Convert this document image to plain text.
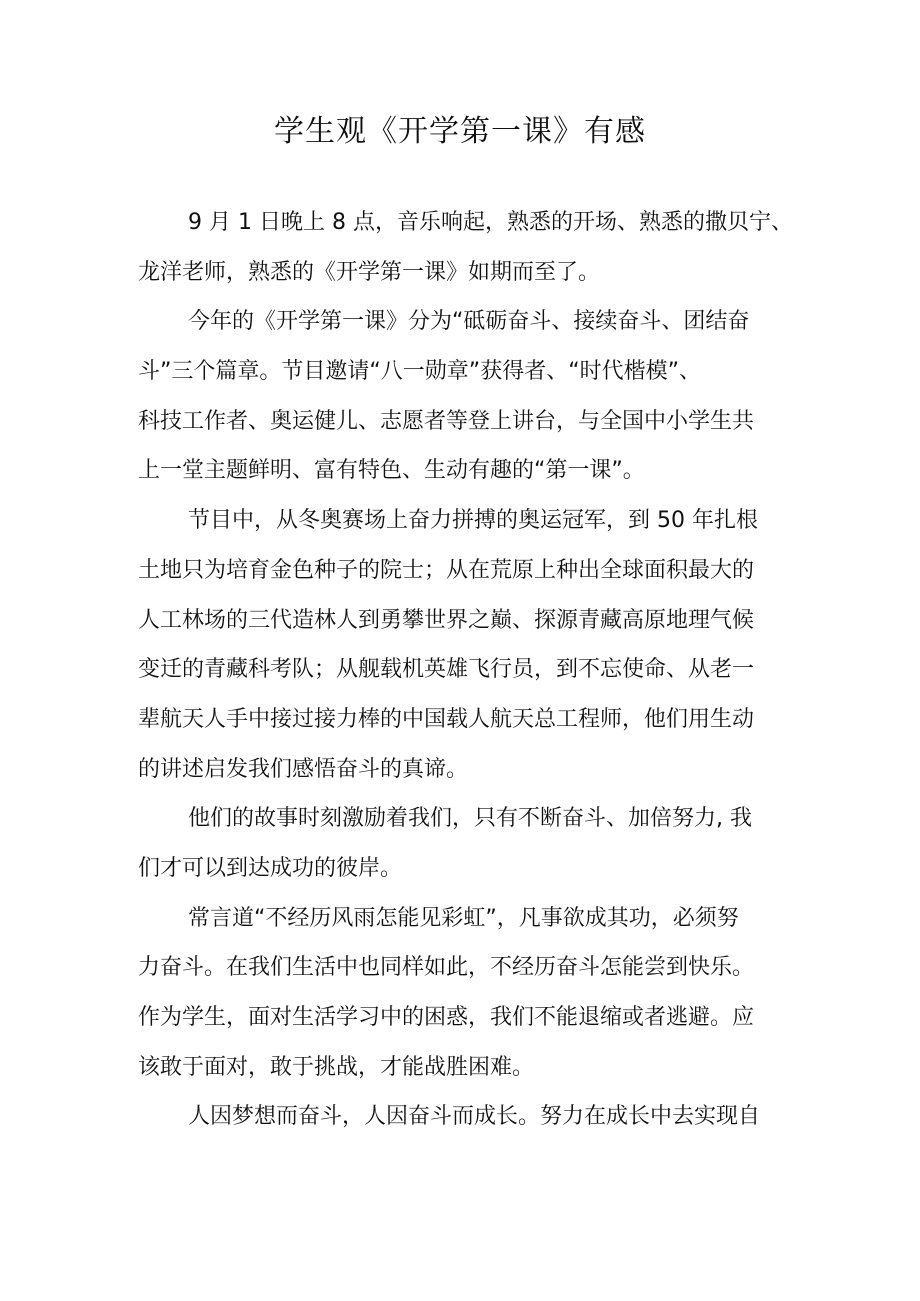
学生观《开学第一课》有感
9 月 1 日晚上 8 点，音乐响起，熟悉的开场、熟悉的撒贝宁、
龙洋老师，熟悉的《开学第一课》如期而至了。
今年的《开学第一课》分为“砥砺奋斗、接续奋斗、团结奋
斗”三个篇章。节目邀请“八一勋章”获得者、“时代楷模”、
科技工作者、奥运健儿、志愿者等登上讲台，与全国中小学生共
上一堂主题鲜明、富有特色、生动有趣的“第一课”。
节目中，从冬奥赛场上奋力拼搏的奥运冠军，到 50 年扎根
土地只为培育金色种子的院士；从在荒原上种出全球面积最大的
人工林场的三代造林人到勇攀世界之巅、探源青藏高原地理气候
变迁的青藏科考队；从舰载机英雄飞行员，到不忘使命、从老一
辈航天人手中接过接力棒的中国载人航天总工程师，他们用生动
的讲述启发我们感悟奋斗的真谛。
他们的故事时刻激励着我们，只有不断奋斗、加倍努力, 我
们才可以到达成功的彼岸。
常言道“不经历风雨怎能见彩虹”，凡事欲成其功，必须努
力奋斗。在我们生活中也同样如此，不经历奋斗怎能尝到快乐。
作为学生，面对生活学习中的困惑，我们不能退缩或者逃避。应
该敢于面对，敢于挑战，才能战胜困难。
人因梦想而奋斗，人因奋斗而成长。努力在成长中去实现自
